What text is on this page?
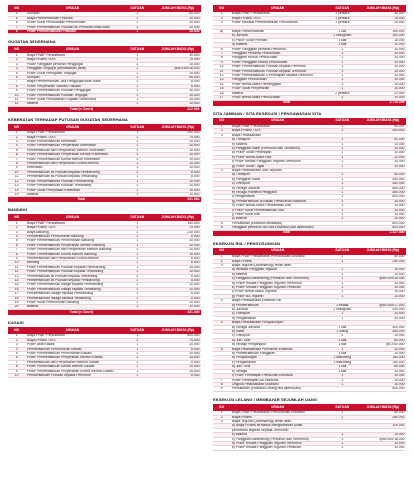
NO	URAIAN	SATUAN	JUMLAH BIAYA (Rp)
4	Sumpah	1	60.000
5	Biaya Pemberitahuan Putusan	1	10.000
6	PNBP Surat Pendudukan Permohonan	1	10.000
7	PNBP Pemberitahuan Putusan ke Pemohon tidak hadir	1	10.000
8	PNBP Pemberitahuan Putusan	1	10.000
GUGATAN SEDERHANA
NO	URAIAN	SATUAN	JUMLAH BIAYA (Rp)
1	Biaya PNBP Pendaftaran	1	30.000
2	Biaya Proses / ATK	1	75.000
3	PNBP Panggilan pertama Penggugat	1	10.000
4	Panggilan Tergugat (berdasarkan jarak)	1	@80.000/18.000
5	PNBP Surat Peringatan Tergugat	1	10.000
6	Sumpah	1	60.000
7	Biaya Pemberitahuan Jika Penggugat tidak Hadir	1	8.000
8	PNBP Penyerahan Salinan Putusan	1	6.000
9	PNBP Pemberitahuan Putusan Penggugat	1	10.000
10	PNBP Pemberitahuan Putusan Tergugat	1	10.000
11	PNBP Surat Pendaftaran Gugatan Sederhana	1	10.000
12	Materai	1	10.000
Total (n Court)			412.000
KEBERATAN TERHADAP PUTUSAN GUGATAN SEDERHANA
NO	URAIAN	SATUAN	JUMLAH BIAYA (Rp)
1	Biaya PNBP Pendaftaran	1	250.000
2	Biaya Proses / ATK	1	75.000
3	PNBP Pemberitahuan Keberatan	1	10.000
4	PNBP Pemberitahuan Penyerahan Keberatan	1	10.000
5	Pemberitahuan dan Penyerahan Memori Keberatan	1	10.000
6	PNBP Pemberitahuan Penyerahan Memori Keberatan	1	10.000
7	PNBP Pemberitahuan Kontra Memori Keberatan	1	10.000
8	Pemberitahuan dan Penyerahan Kontra Memori	1	10.000
9	Keberatan	1	10.000
10	Pemberitahuan Isi Putusan kepada Pembanding	1	8.000
11	Pemberitahuan Isi Putusan kepada Terbanding	1	8.000
12	PNBP Pemberitahuan Putusan Pembanding	1	10.000
13	PNBP Pemberitahuan Putusan Terbanding	1	10.000
14	PNBP Surat Pernyataan Keberatan	1	10.000
15	Materai	1	10.000
Total			431.964
BANDING
NO	URAIAN	SATUAN	JUMLAH BIAYA (Rp)
1	Biaya PNBP Pendaftaran	1	150.000
2	Biaya Proses / ATK	1	75.000
3	Biaya Banding	1	210.000
4	Pemberitahuan Permohonan Banding	1	8.000
5	PNBP Pemberitahuan Permohonan Banding	1	10.000
6	PNBP Pemberitahuan Penyerahan Memori Banding	1	10.000
7	PNBP Pemberitahuan dan Penyerahan Memori Banding	1	10.000
8	PNBP Pemberitahuan Kontra Memori Banding	1	10.000
9	Pemberitahuan dan Penyerahan Kontra Memori	1	8.000
10	Banding	1	8.000
11	PNBP Pemberitahuan Putusan kepada Pembanding	1	10.000
12	PNBP Pemberitahuan Putusan kepada Terbanding	1	10.000
13	Pemberitahuan Isi Putusan kepada Terbanding	1	8.000
14	Pemberitahuan Isi Putusan kepada Pembanding	1	8.000
15	PNBP Pemberitahuan Inzage kepada Pembanding	1	10.000
16	PNBP Pemberitahuan Inzage kepada Terbanding	1	10.000
17	Pemberitahuan Inzage kepada Pembanding	1	8.000
18	Pemberitahuan Inzage kepada Terbanding	1	8.000
19	PNBP Surat Permohonan Banding	1	10.000
20	Materai	1	10.000
Total (n Court)			421.300
KASASI
NO	URAIAN	SATUAN	JUMLAH BIAYA (Rp)
1	Biaya PNBP Pendaftaran	1	500.000
2	Biaya Proses / ATK	1	75.000
3	PNBP Akta Kasasi	1	10.000
4	Pemberitahuan Permohonan Kasasi	1	8.000
5	PNBP Pemberitahuan Permohonan Kasasi	1	10.000
6	PNBP Pemberitahuan Penyerahan Memori Kasasi	1	10.000
7	Pemberitahuan dan Penyerahan Memori Kasasi	1	8.000
8	PNBP Pemberitahuan Kontra Memori Kasasi	1	10.000
9	PNBP Pemberitahuan Penyerahan Kontra Memori Kasasi	1	10.000
10	Pemberitahuan Putusan kepada Pemohon	1	8.000
NO	URAIAN	SATUAN	JUMLAH BIAYA (Rp)
1	Biaya PNBP Pendaftaran	1 perkara	30.000
2	Biaya Proses / ATK	1 perkara	75.000
3	PNBP Redaksi Pemberitahuan Pencocokan	1 perkara	10.000

a)	Biaya Pemberitahuan	1 kali	150.000
	b) Jurusita	1 orang/hari	100.000
	c) PNBP Surat Perintah	1 kali	10.000
	d) Materai	1 kali	10.000
6	PNBP Panggilan pertama Pemohon	1	10.000
7	Panggilan Pertama Pencocokan	1	10.000
8	Panggilan Kedua Pencocokan	1	10.000
9	PNBP Panggilan Kedua Pencocokan	1	10.000
10	PNBP Pemberitahuan Putusan kepada Pemohon	1	10.000
11	PNBP Pemberitahuan Putusan kepada Termohon	1	10.000
12	PNBP Pemberitahuan 4 Penetapan kepada Pemohon	1	10.000
13	Panggilan Pencocokan	1	10.000
14	PNBP Berita Acara Pemanggilan	1	10.000
15	PNBP Surat Penyerahan	1	10.000
16	Materai	2 perkara	20.000
17	PNBP Berita Acara Pencocokan	1	10.000
Total			1.710.000
SITA JAMINAN / SITA EKSEKUSI / PENGAWASAN SITA
NO	URAIAN	SATUAN	JUMLAH BIAYA (Rp)
1	Biaya PNBP Pendaftaran	1	50.000
2	Biaya Proses / ATK	1	250.000
3	Biaya Pelaksanaan		
	a) Transport	1	50.000
	b) Materai	1	10.000
	c) Panggilan Saksi (Pemohon dan Termohon)	1	10.000
	d) PNBP Surat Penetapan	1	10.000
	e) PNBP Berita Acara Sita	1	10.000
	f) PNBP Relaas Panggilan Teguran Termohon	1	10.000
	g) PNBP Surat Tugas	1	10.000
4	Biaya Pelaksanaan Sita Lanjutan		
	a) Transport	1	50.000
	b) Panggilan Saksi	1	450.000
	c) Transport	1	450.000
	d) Tenaga Jurusita	1	450.000
	e) Tenaga Panitera Pengganti	1	450.000
	f) Pengamanan	1	500.000
	g) Pemberitahuan di Badan Pertanahan Nasional	1	10.000
	h) PNBP Berita Acara Pendaftaran Sita	1	10.000
	i) PNBP Surat Pemberitahuan Sita	1	10.000
	j) PNBP Surat Sita	1	10.000
	k) Materai	1	10.000
5	Pencabutan (Eksekusi dinaikkan)		500.000
6	Panggilan pemohon BA Sita Eksekusi (bila diperlukan)		500.000
Total			1.127.800
EKSEKUSI RIIL / PENGOSONGAN
NO	URAIAN	SATUAN	JUMLAH BIAYA (Rp)
1	Biaya PNBP Pendaftaran Permohonan Eksekusi	1	50.000
2	Biaya Proses	1	250.000
3	Biaya Teguran (Aanmaning) terdiri atas:		
	a) Redaksi Panggilan Teguran	1	10.000
	b) Materai	1	10.000
	c) Panggilan Aanmaning (Pemohon dan Termohon)	1	@80.000/18.000
	d) PNBP Relaas Panggilan Teguran Termohon	1	10.000
	e) PNBP Relaas Panggilan Teguran Pemohon	1	10.000
	f) PNBP Berita Acara Teguran	1	10.000
	g) PNBP BA Teguran	1	10.000
4	Biaya Pelaksanaan Eksekusi Riil:		
	a) Pemberitahuan	2 relaas	@80.000/17.000
	b) Jurusita	1 orang/hari	200.000
	c) Transport	1	10.000
	d) Pengamanan	1	10.000
5	Biaya Pelaksanaan Pengosongan:		
	a) Tenaga Jurusita	1 kali	300.000
	b) Saksi	2 orang	450.000
	c) Transport	1	10.000
	d) Juru Tulis	1 kali	80.000
	e) Tenaga Pengangkut	1 kali	@1.000.000
6	Biaya Pelaksanaan Pemulihan Eksekusi	1	10.000
	a) Pemberitahuan Panggilan	1 kali	10.000
	b) Pengosongan	1 kali/orang	150.000
	c) Pengamanan	1 kali/orang	150.000
	d) Juru Tulis	1 kali	80.000
	e) Tenaga	1 kali	10.000
	f) PNBP Penetapan Pemulihan Eksekusi	1	10.000
7	PNBP Penetapan BA Eksekusi	1	10.000
8	Ongkos Pelaksanaan Eksekusi	1	10.000
9	Pencabutan (Eksekusi Lelang bila diperlukan)		500.000
EKSEKUSI LELANG / MEMBAYAR SEJUMLAH UANG
NO	URAIAN	SATUAN	JUMLAH BIAYA (Rp)
1	Biaya PNBP Pendaftaran Permohonan Eksekusi	1	50.000
2	Biaya Proses	1	250.000
3	Biaya Teguran (Aanmaning) terdiri atas:		
	a) Biaya Proses termasuk menghadirkan pihak		125.000
	pemberian teguran kepada Termohon		
	b) Materai	1	10.000
	c) Panggilan Aanmaning (Pemohon dan Termohon)	1	@80.000/18.000
	d) PNBP Relaas Panggilan Teguran Termohon	1	10.000
	e) PNBP Relaas Panggilan Teguran Pemohon	1	10.000
